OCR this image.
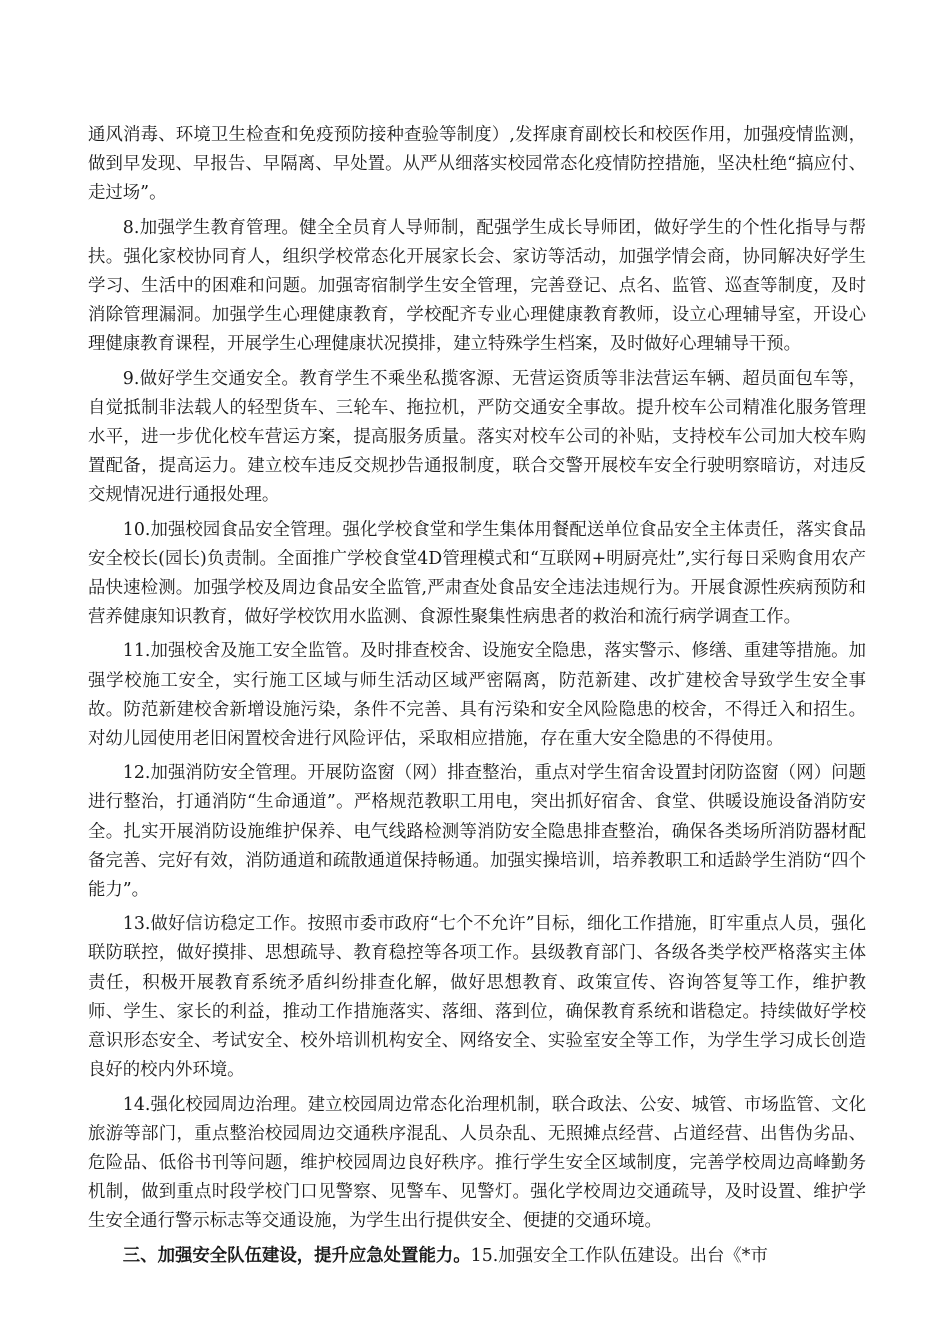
通风消毒、环境卫生检查和免疫预防接种查验等制度）,发挥康育副校长和校医作用，加强疫情监测，做到早发现、早报告、早隔离、早处置。从严从细落实校园常态化疫情防控措施，坚决杜绝“搞应付、走过场”。

8.加强学生教育管理。健全全员育人导师制，配强学生成长导师团，做好学生的个性化指导与帮扶。强化家校协同育人，组织学校常态化开展家长会、家访等活动，加强学情会商，协同解决好学生学习、生活中的困难和问题。加强寄宿制学生安全管理，完善登记、点名、监管、巡查等制度，及时消除管理漏洞。加强学生心理健康教育，学校配齐专业心理健康教育教师，设立心理辅导室，开设心理健康教育课程，开展学生心理健康状况摸排，建立特殊学生档案，及时做好心理辅导干预。

9.做好学生交通安全。教育学生不乘坐私揽客源、无营运资质等非法营运车辆、超员面包车等，自觉抵制非法载人的轻型货车、三轮车、拖拉机，严防交通安全事故。提升校车公司精准化服务管理水平，进一步优化校车营运方案，提高服务质量。落实对校车公司的补贴，支持校车公司加大校车购置配备，提高运力。建立校车违反交规抄告通报制度，联合交警开展校车安全行驶明察暗访，对违反交规情况进行通报处理。

10.加强校园食品安全管理。强化学校食堂和学生集体用餐配送单位食品安全主体责任，落实食品安全校长(园长)负责制。全面推广学校食堂4D管理模式和“互联网+明厨亮灶”,实行每日采购食用农产品快速检测。加强学校及周边食品安全监管,严肃查处食品安全违法违规行为。开展食源性疾病预防和营养健康知识教育，做好学校饮用水监测、食源性聚集性病患者的救治和流行病学调查工作。

11.加强校舍及施工安全监管。及时排查校舍、设施安全隐患，落实警示、修缮、重建等措施。加强学校施工安全，实行施工区域与师生活动区域严密隔离，防范新建、改扩建校舍导致学生安全事故。防范新建校舍新增设施污染，条件不完善、具有污染和安全风险隐患的校舍，不得迁入和招生。对幼儿园使用老旧闲置校舍进行风险评估，采取相应措施，存在重大安全隐患的不得使用。

12.加强消防安全管理。开展防盗窗（网）排查整治，重点对学生宿舍设置封闭防盗窗（网）问题进行整治，打通消防“生命通道”。严格规范教职工用电，突出抓好宿舍、食堂、供暖设施设备消防安全。扎实开展消防设施维护保养、电气线路检测等消防安全隐患排查整治，确保各类场所消防器材配备完善、完好有效，消防通道和疏散通道保持畅通。加强实操培训，培养教职工和适龄学生消防“四个能力”。

13.做好信访稳定工作。按照市委市政府“七个不允许”目标，细化工作措施，盯牢重点人员，强化联防联控，做好摸排、思想疏导、教育稳控等各项工作。县级教育部门、各级各类学校严格落实主体责任，积极开展教育系统矛盾纠纷排查化解，做好思想教育、政策宣传、咨询答复等工作，维护教师、学生、家长的利益，推动工作措施落实、落细、落到位，确保教育系统和谐稳定。持续做好学校意识形态安全、考试安全、校外培训机构安全、网络安全、实验室安全等工作，为学生学习成长创造良好的校内外环境。

14.强化校园周边治理。建立校园周边常态化治理机制，联合政法、公安、城管、市场监管、文化旅游等部门，重点整治校园周边交通秩序混乱、人员杂乱、无照摊点经营、占道经营、出售伪劣品、危险品、低俗书刊等问题，维护校园周边良好秩序。推行学生安全区域制度，完善学校周边高峰勤务机制，做到重点时段学校门口见警察、见警车、见警灯。强化学校周边交通疏导，及时设置、维护学生安全通行警示标志等交通设施，为学生出行提供安全、便捷的交通环境。

三、加强安全队伍建设，提升应急处置能力。15.加强安全工作队伍建设。出台《*市
